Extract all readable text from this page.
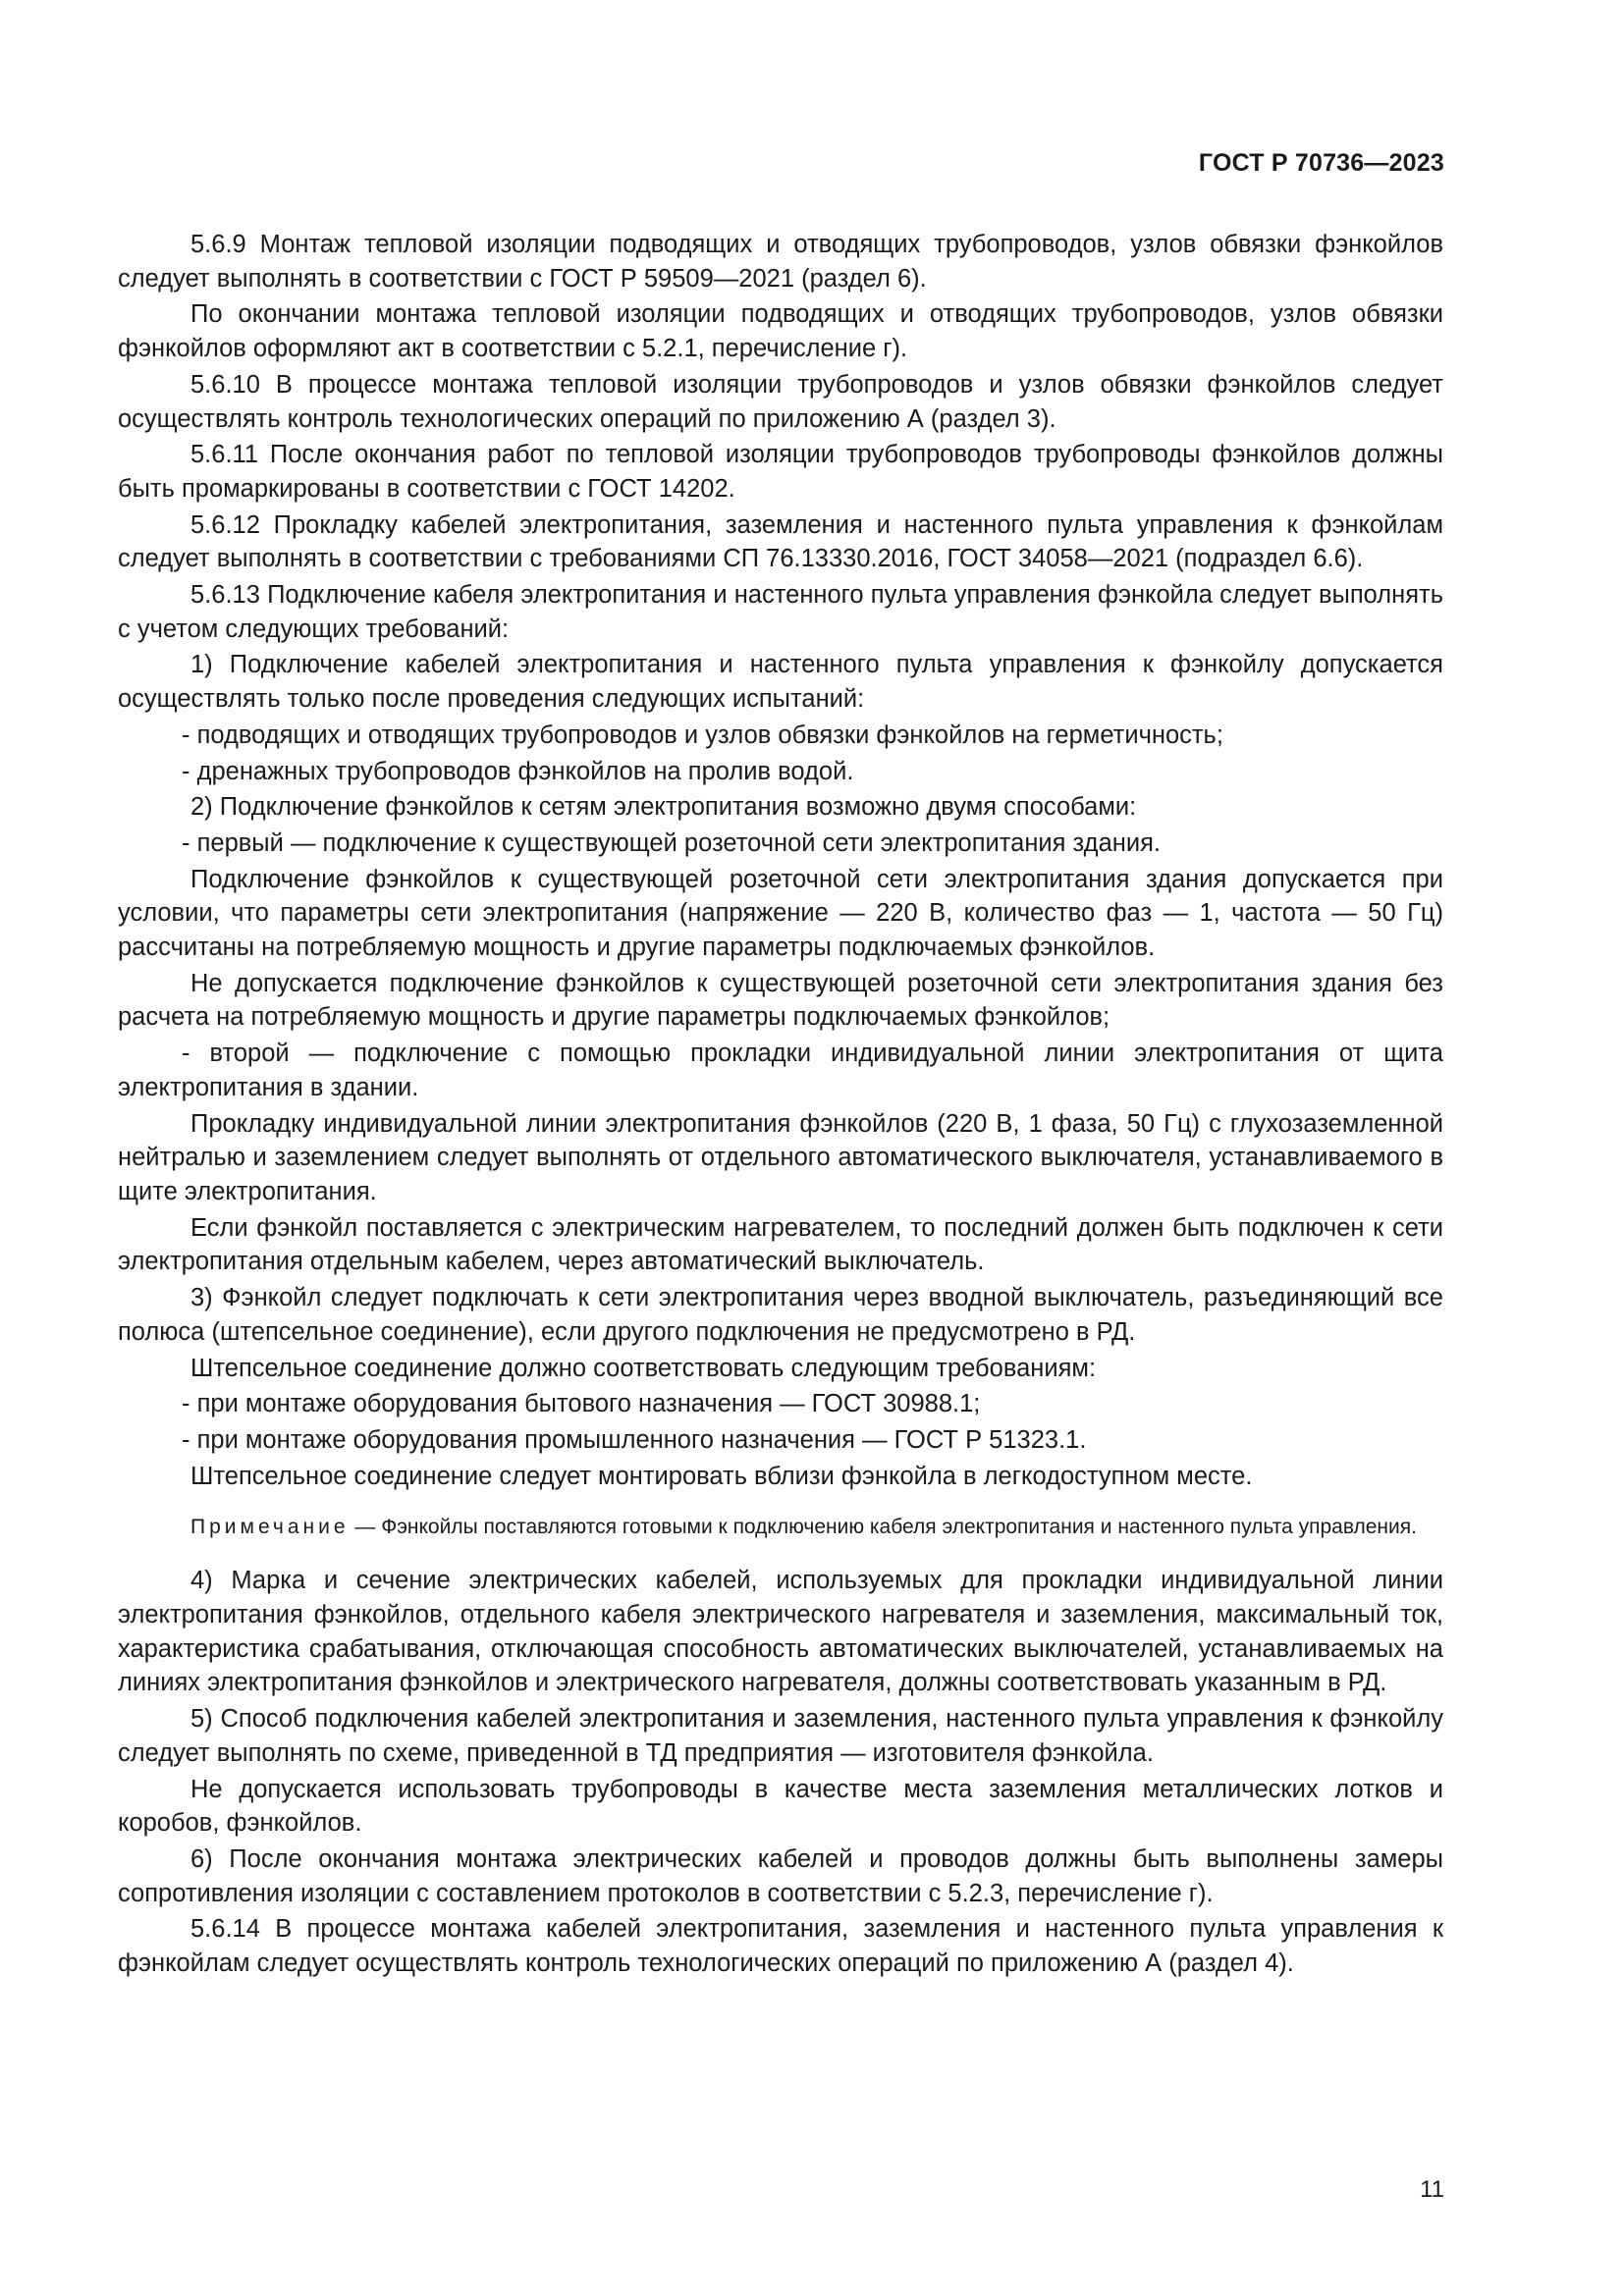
ГОСТ Р 70736—2023

5.6.9 Монтаж тепловой изоляции подводящих и отводящих трубопроводов, узлов обвязки фэнкойлов следует выполнять в соответствии с ГОСТ Р 59509—2021 (раздел 6).

По окончании монтажа тепловой изоляции подводящих и отводящих трубопроводов, узлов обвязки фэнкойлов оформляют акт в соответствии с 5.2.1, перечисление г).

5.6.10 В процессе монтажа тепловой изоляции трубопроводов и узлов обвязки фэнкойлов следует осуществлять контроль технологических операций по приложению А (раздел 3).

5.6.11 После окончания работ по тепловой изоляции трубопроводов трубопроводы фэнкойлов должны быть промаркированы в соответствии с ГОСТ 14202.

5.6.12 Прокладку кабелей электропитания, заземления и настенного пульта управления к фэнкойлам следует выполнять в соответствии с требованиями СП 76.13330.2016, ГОСТ 34058—2021 (подраздел 6.6).

5.6.13 Подключение кабеля электропитания и настенного пульта управления фэнкойла следует выполнять с учетом следующих требований:

1) Подключение кабелей электропитания и настенного пульта управления к фэнкойлу допускается осуществлять только после проведения следующих испытаний:

- подводящих и отводящих трубопроводов и узлов обвязки фэнкойлов на герметичность;

- дренажных трубопроводов фэнкойлов на пролив водой.

2) Подключение фэнкойлов к сетям электропитания возможно двумя способами:

- первый — подключение к существующей розеточной сети электропитания здания.

Подключение фэнкойлов к существующей розеточной сети электропитания здания допускается при условии, что параметры сети электропитания (напряжение — 220 В, количество фаз — 1, частота — 50 Гц) рассчитаны на потребляемую мощность и другие параметры подключаемых фэнкойлов.

Не допускается подключение фэнкойлов к существующей розеточной сети электропитания здания без расчета на потребляемую мощность и другие параметры подключаемых фэнкойлов;

- второй — подключение с помощью прокладки индивидуальной линии электропитания от щита электропитания в здании.

Прокладку индивидуальной линии электропитания фэнкойлов (220 В, 1 фаза, 50 Гц) с глухозаземленной нейтралью и заземлением следует выполнять от отдельного автоматического выключателя, устанавливаемого в щите электропитания.

Если фэнкойл поставляется с электрическим нагревателем, то последний должен быть подключен к сети электропитания отдельным кабелем, через автоматический выключатель.

3) Фэнкойл следует подключать к сети электропитания через вводной выключатель, разъединяющий все полюса (штепсельное соединение), если другого подключения не предусмотрено в РД.

Штепсельное соединение должно соответствовать следующим требованиям:

- при монтаже оборудования бытового назначения — ГОСТ 30988.1;

- при монтаже оборудования промышленного назначения — ГОСТ Р 51323.1.

Штепсельное соединение следует монтировать вблизи фэнкойла в легкодоступном месте.

Примечание — Фэнкойлы поставляются готовыми к подключению кабеля электропитания и настенного пульта управления.

4) Марка и сечение электрических кабелей, используемых для прокладки индивидуальной линии электропитания фэнкойлов, отдельного кабеля электрического нагревателя и заземления, максимальный ток, характеристика срабатывания, отключающая способность автоматических выключателей, устанавливаемых на линиях электропитания фэнкойлов и электрического нагревателя, должны соответствовать указанным в РД.

5) Способ подключения кабелей электропитания и заземления, настенного пульта управления к фэнкойлу следует выполнять по схеме, приведенной в ТД предприятия — изготовителя фэнкойла.

Не допускается использовать трубопроводы в качестве места заземления металлических лотков и коробов, фэнкойлов.

6) После окончания монтажа электрических кабелей и проводов должны быть выполнены замеры сопротивления изоляции с составлением протоколов в соответствии с 5.2.3, перечисление г).

5.6.14 В процессе монтажа кабелей электропитания, заземления и настенного пульта управления к фэнкойлам следует осуществлять контроль технологических операций по приложению А (раздел 4).

11
